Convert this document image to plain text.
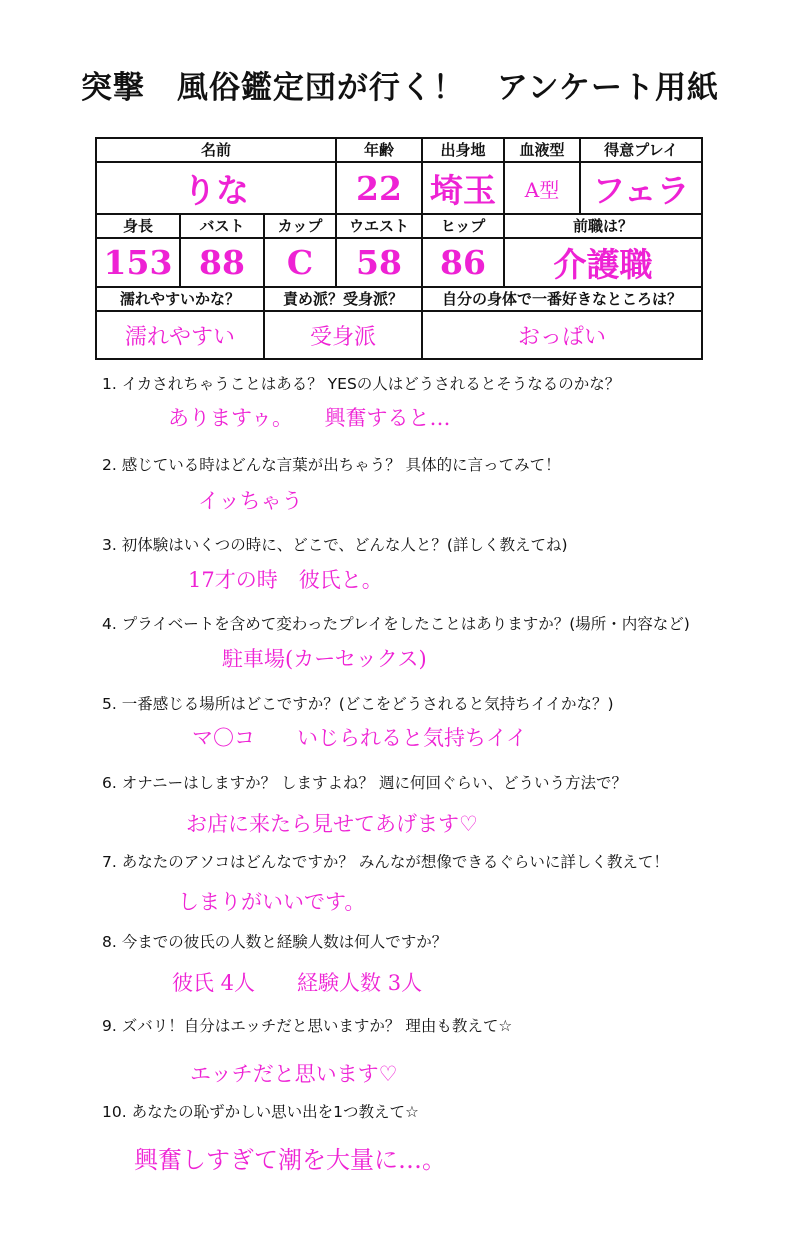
突撃　風俗鑑定団が行く！　アンケート用紙
名前			年齢	出身地	血液型	得意プレイ
りな			22	埼玉	A型	フェラ
身長	バスト	カップ	ウエスト	ヒップ	前職は？	
153	88	C	58	86	介護職	
濡れやすいかな？		責め派？受身派？		自分の身体で一番好きなところは？		
濡れやすい		受身派		おっぱい		
1. イカされちゃうことはある？ YESの人はどうされるとそうなるのかな？
ありますゥ。　　興奮すると…
2. 感じている時はどんな言葉が出ちゃう？ 具体的に言ってみて！
イッちゃう
3. 初体験はいくつの時に、どこで、どんな人と？(詳しく教えてね)
17才の時　彼氏と。
4. プライベートを含めて変わったプレイをしたことはありますか？(場所・内容など)
駐車場(カーセックス)
5. 一番感じる場所はどこですか？(どこをどうされると気持ちイイかな？)
マ〇コ　　いじられると気持ちイイ
6. オナニーはしますか？ しますよね？ 週に何回ぐらい、どういう方法で？
お店に来たら見せてあげます♡
7. あなたのアソコはどんなですか？ みんなが想像できるぐらいに詳しく教えて！
しまりがいいです。
8. 今までの彼氏の人数と経験人数は何人ですか？
彼氏 4人　　経験人数 3人
9. ズバリ！自分はエッチだと思いますか？ 理由も教えて☆
エッチだと思います♡
10. あなたの恥ずかしい思い出を1つ教えて☆
興奮しすぎて潮を大量に…。
